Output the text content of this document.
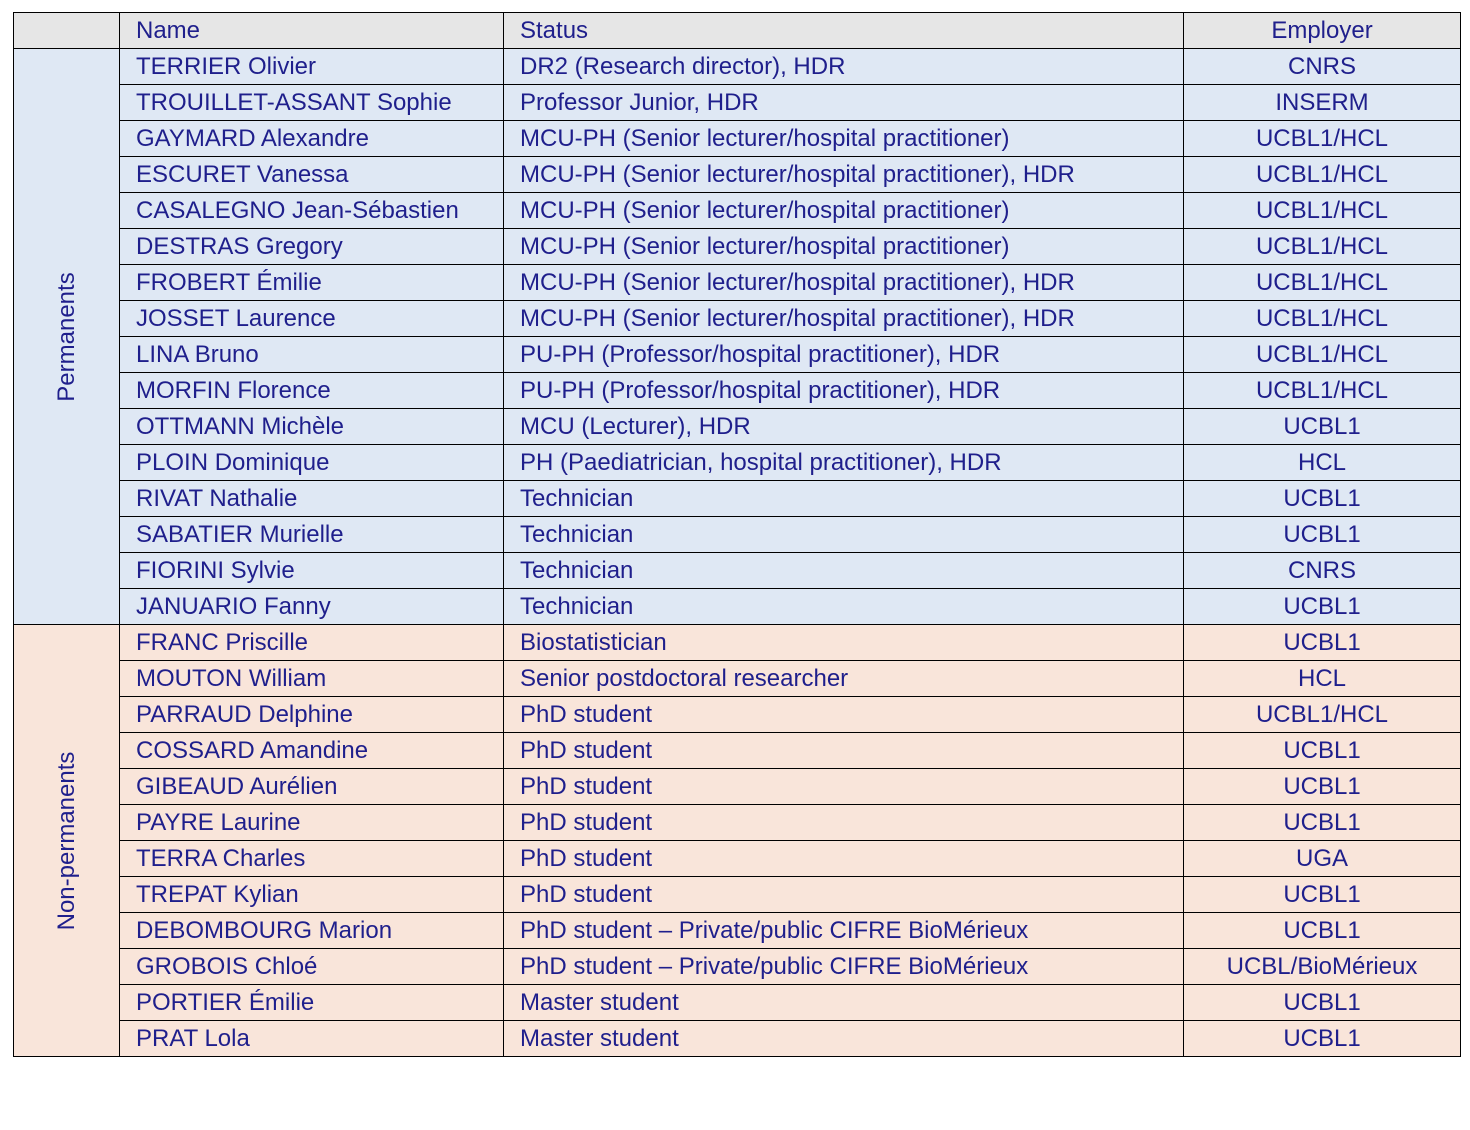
	Name	Status	Employer

Permanents	TERRIER Olivier	DR2 (Research director), HDR	CNRS
	TROUILLET-ASSANT Sophie	Professor Junior, HDR	INSERM
	GAYMARD Alexandre	MCU-PH (Senior lecturer/hospital practitioner)	UCBL1/HCL
	ESCURET Vanessa	MCU-PH (Senior lecturer/hospital practitioner), HDR	UCBL1/HCL
	CASALEGNO Jean-Sébastien	MCU-PH (Senior lecturer/hospital practitioner)	UCBL1/HCL
	DESTRAS Gregory	MCU-PH (Senior lecturer/hospital practitioner)	UCBL1/HCL
	FROBERT Émilie	MCU-PH (Senior lecturer/hospital practitioner), HDR	UCBL1/HCL
	JOSSET Laurence	MCU-PH (Senior lecturer/hospital practitioner), HDR	UCBL1/HCL
	LINA Bruno	PU-PH (Professor/hospital practitioner), HDR	UCBL1/HCL
	MORFIN Florence	PU-PH (Professor/hospital practitioner), HDR	UCBL1/HCL
	OTTMANN Michèle	MCU (Lecturer), HDR	UCBL1
	PLOIN Dominique	PH (Paediatrician, hospital practitioner), HDR	HCL
	RIVAT Nathalie	Technician	UCBL1
	SABATIER Murielle	Technician	UCBL1
	FIORINI Sylvie	Technician	CNRS
	JANUARIO Fanny	Technician	UCBL1

Non-permanents	FRANC Priscille	Biostatistician	UCBL1
	MOUTON William	Senior postdoctoral researcher	HCL
	PARRAUD Delphine	PhD student	UCBL1/HCL
	COSSARD Amandine	PhD student	UCBL1
	GIBEAUD Aurélien	PhD student	UCBL1
	PAYRE Laurine	PhD student	UCBL1
	TERRA Charles	PhD student	UGA
	TREPAT Kylian	PhD student	UCBL1
	DEBOMBOURG Marion	PhD student – Private/public CIFRE BioMérieux	UCBL1
	GROBOIS Chloé	PhD student – Private/public CIFRE BioMérieux	UCBL/BioMérieux
	PORTIER Émilie	Master student	UCBL1
	PRAT Lola	Master student	UCBL1
